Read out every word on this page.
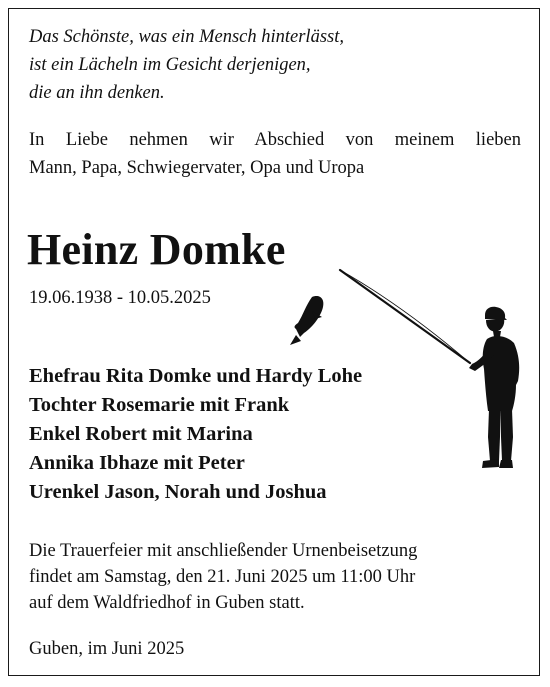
Das Schönste, was ein Mensch hinterlässt,
ist ein Lächeln im Gesicht derjenigen,
die an ihn denken.
In Liebe nehmen wir Abschied von meinem lieben
Mann, Papa, Schwiegervater, Opa und Uropa
Heinz Domke
19.06.1938 - 10.05.2025
Ehefrau Rita Domke und Hardy Lohe
Tochter Rosemarie mit Frank
Enkel Robert mit Marina
Annika Ibhaze mit Peter
Urenkel Jason, Norah und Joshua
Die Trauerfeier mit anschließender Urnenbeisetzung
findet am Samstag, den 21. Juni 2025 um 11:00 Uhr
auf dem Waldfriedhof in Guben statt.
Guben, im Juni 2025
